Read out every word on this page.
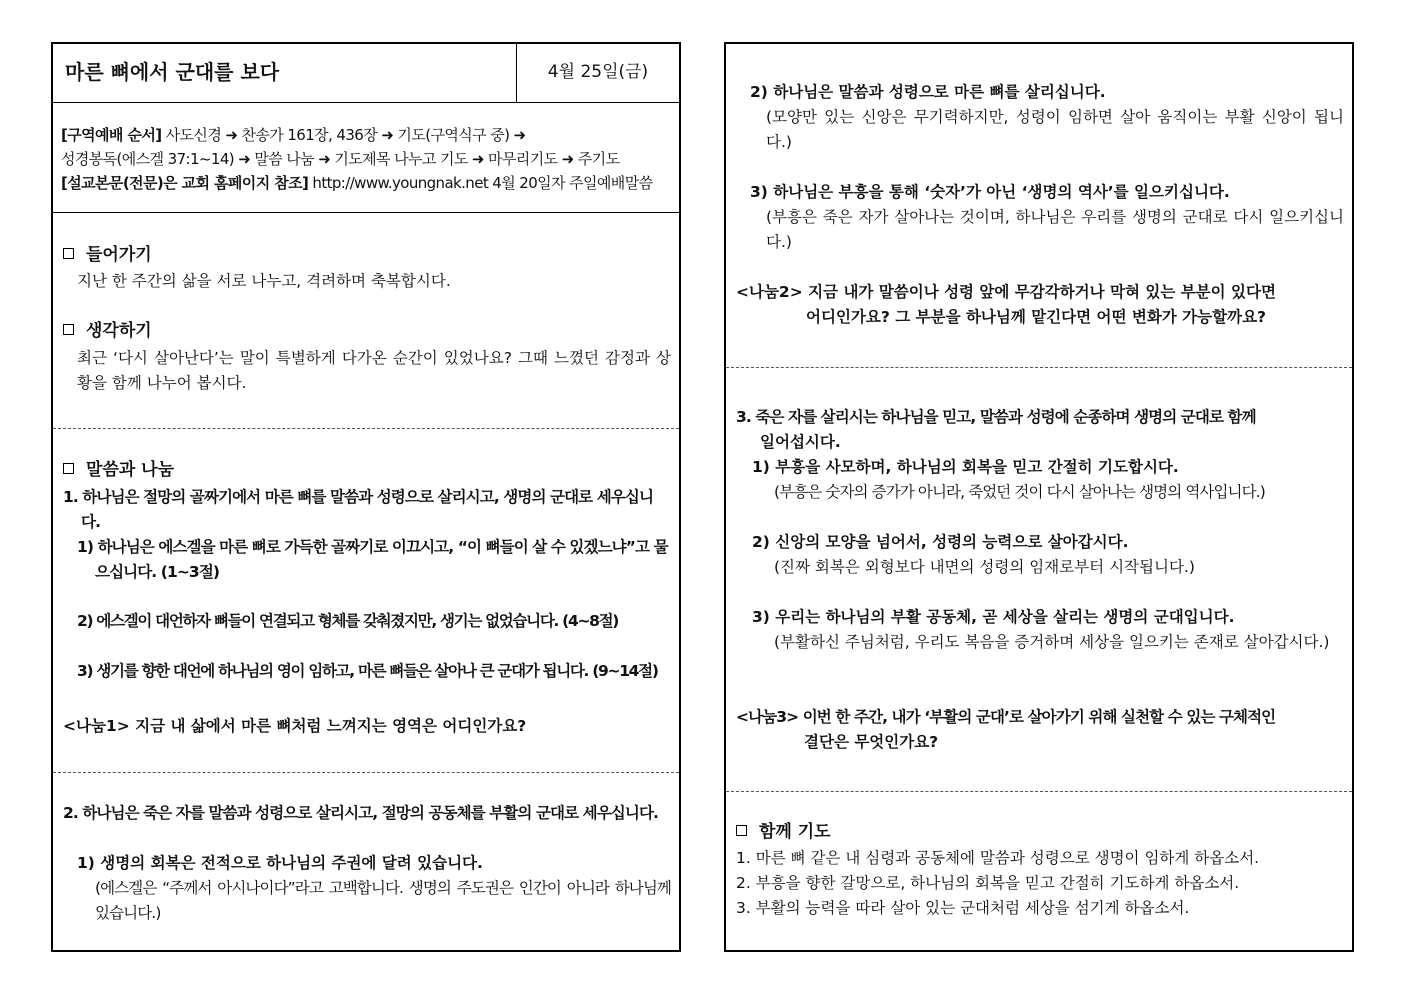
마른 뼈에서 군대를 보다	4월 25일(금)
[구역예배 순서] 사도신경 ➜ 찬송가 161장, 436장 ➜ 기도(구역식구 중) ➜
성경봉독(에스겔 37:1~14) ➜ 말씀 나눔 ➜ 기도제목 나누고 기도 ➜ 마무리기도 ➜ 주기도
[설교본문(전문)은 교회 홈페이지 참조] http://www.youngnak.net 4월 20일자 주일예배말씀
들어가기
지난 한 주간의 삶을 서로 나누고, 격려하며 축복합시다.
생각하기
최근 ‘다시 살아난다’는 말이 특별하게 다가온 순간이 있었나요? 그때 느꼈던 감정과 상황을 함께 나누어 봅시다.
말씀과 나눔
1. 하나님은 절망의 골짜기에서 마른 뼈를 말씀과 성령으로 살리시고, 생명의 군대로 세우십니다.
1) 하나님은 에스겔을 마른 뼈로 가득한 골짜기로 이끄시고, “이 뼈들이 살 수 있겠느냐”고 물으십니다. (1~3절)
2) 에스겔이 대언하자 뼈들이 연결되고 형체를 갖춰졌지만, 생기는 없었습니다. (4~8절)
3) 생기를 향한 대언에 하나님의 영이 임하고, 마른 뼈들은 살아나 큰 군대가 됩니다. (9~14절)
<나눔1> 지금 내 삶에서 마른 뼈처럼 느껴지는 영역은 어디인가요?
2. 하나님은 죽은 자를 말씀과 성령으로 살리시고, 절망의 공동체를 부활의 군대로 세우십니다.
1) 생명의 회복은 전적으로 하나님의 주권에 달려 있습니다.
(에스겔은 “주께서 아시나이다”라고 고백합니다. 생명의 주도권은 인간이 아니라 하나님께 있습니다.)
2) 하나님은 말씀과 성령으로 마른 뼈를 살리십니다.
(모양만 있는 신앙은 무기력하지만, 성령이 임하면 살아 움직이는 부활 신앙이 됩니다.)
3) 하나님은 부흥을 통해 ‘숫자’가 아닌 ‘생명의 역사’를 일으키십니다.
(부흥은 죽은 자가 살아나는 것이며, 하나님은 우리를 생명의 군대로 다시 일으키십니다.)
<나눔2> 지금 내가 말씀이나 성령 앞에 무감각하거나 막혀 있는 부분이 있다면
어디인가요? 그 부분을 하나님께 맡긴다면 어떤 변화가 가능할까요?
3. 죽은 자를 살리시는 하나님을 믿고, 말씀과 성령에 순종하며 생명의 군대로 함께
일어섭시다.
1) 부흥을 사모하며, 하나님의 회복을 믿고 간절히 기도합시다.
(부흥은 숫자의 증가가 아니라, 죽었던 것이 다시 살아나는 생명의 역사입니다.)
2) 신앙의 모양을 넘어서, 성령의 능력으로 살아갑시다.
(진짜 회복은 외형보다 내면의 성령의 임재로부터 시작됩니다.)
3) 우리는 하나님의 부활 공동체, 곧 세상을 살리는 생명의 군대입니다.
(부활하신 주님처럼, 우리도 복음을 증거하며 세상을 일으키는 존재로 살아갑시다.)
<나눔3> 이번 한 주간, 내가 ‘부활의 군대’로 살아가기 위해 실천할 수 있는 구체적인
결단은 무엇인가요?
함께 기도
1. 마른 뼈 같은 내 심령과 공동체에 말씀과 성령으로 생명이 임하게 하옵소서.
2. 부흥을 향한 갈망으로, 하나님의 회복을 믿고 간절히 기도하게 하옵소서.
3. 부활의 능력을 따라 살아 있는 군대처럼 세상을 섬기게 하옵소서.
